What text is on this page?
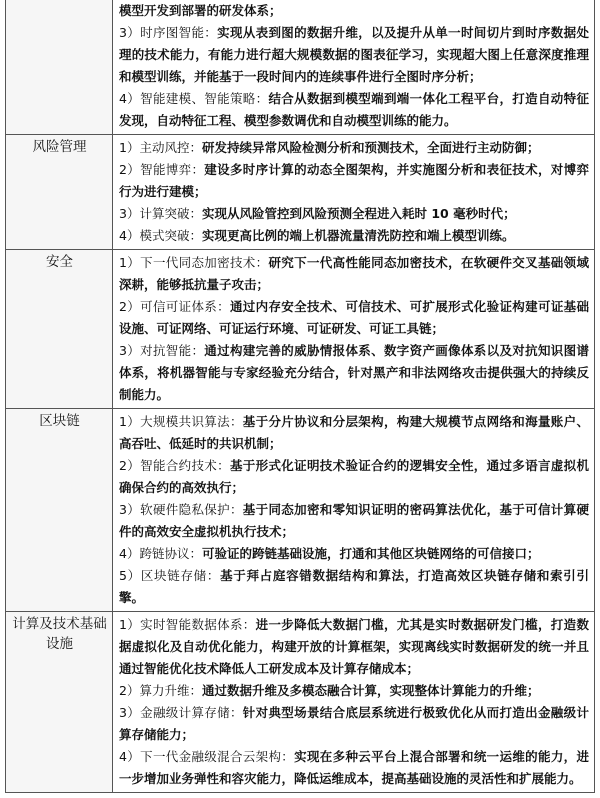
	模型开发到部署的研发体系；
3）时序图智能：实现从表到图的数据升维，以及提升从单一时间切片到时序数据处理的技术能力，有能力进行超大规模数据的图表征学习，实现超大图上任意深度推理和模型训练，并能基于一段时间内的连续事件进行全图时序分析；
4）智能建模、智能策略：结合从数据到模型端到端一体化工程平台，打造自动特征发现，自动特征工程、模型参数调优和自动模型训练的能力。

风险管理	1）主动风控：研发持续异常风险检测分析和预测技术，全面进行主动防御；
2）智能博弈：建设多时序计算的动态全图架构，并实施图分析和表征技术，对博弈行为进行建模；
3）计算突破：实现从风险管控到风险预测全程进入耗时 10 毫秒时代；
4）模式突破：实现更高比例的端上机器流量清洗防控和端上模型训练。

安全	1）下一代同态加密技术：研究下一代高性能同态加密技术，在软硬件交叉基础领域深耕，能够抵抗量子攻击；
2）可信可证体系：通过内存安全技术、可信技术、可扩展形式化验证构建可证基础设施、可证网络、可证运行环境、可证研发、可证工具链；
3）对抗智能：通过构建完善的威胁情报体系、数字资产画像体系以及对抗知识图谱体系，将机器智能与专家经验充分结合，针对黑产和非法网络攻击提供强大的持续反制能力。

区块链	1）大规模共识算法：基于分片协议和分层架构，构建大规模节点网络和海量账户、高吞吐、低延时的共识机制；
2）智能合约技术：基于形式化证明技术验证合约的逻辑安全性，通过多语言虚拟机确保合约的高效执行；
3）软硬件隐私保护：基于同态加密和零知识证明的密码算法优化，基于可信计算硬件的高效安全虚拟机执行技术；
4）跨链协议：可验证的跨链基础设施，打通和其他区块链网络的可信接口；
5）区块链存储：基于拜占庭容错数据结构和算法，打造高效区块链存储和索引引擎。

计算及技术基础设施	1）实时智能数据体系：进一步降低大数据门槛，尤其是实时数据研发门槛，打造数据虚拟化及自动优化能力，构建开放的计算框架，实现离线实时数据研发的统一并且通过智能优化技术降低人工研发成本及计算存储成本；
2）算力升维：通过数据升维及多模态融合计算，实现整体计算能力的升维；
3）金融级计算存储：针对典型场景结合底层系统进行极致优化从而打造出金融级计算存储能力；
4）下一代金融级混合云架构：实现在多种云平台上混合部署和统一运维的能力，进一步增加业务弹性和容灾能力，降低运维成本，提高基础设施的灵活性和扩展能力。
